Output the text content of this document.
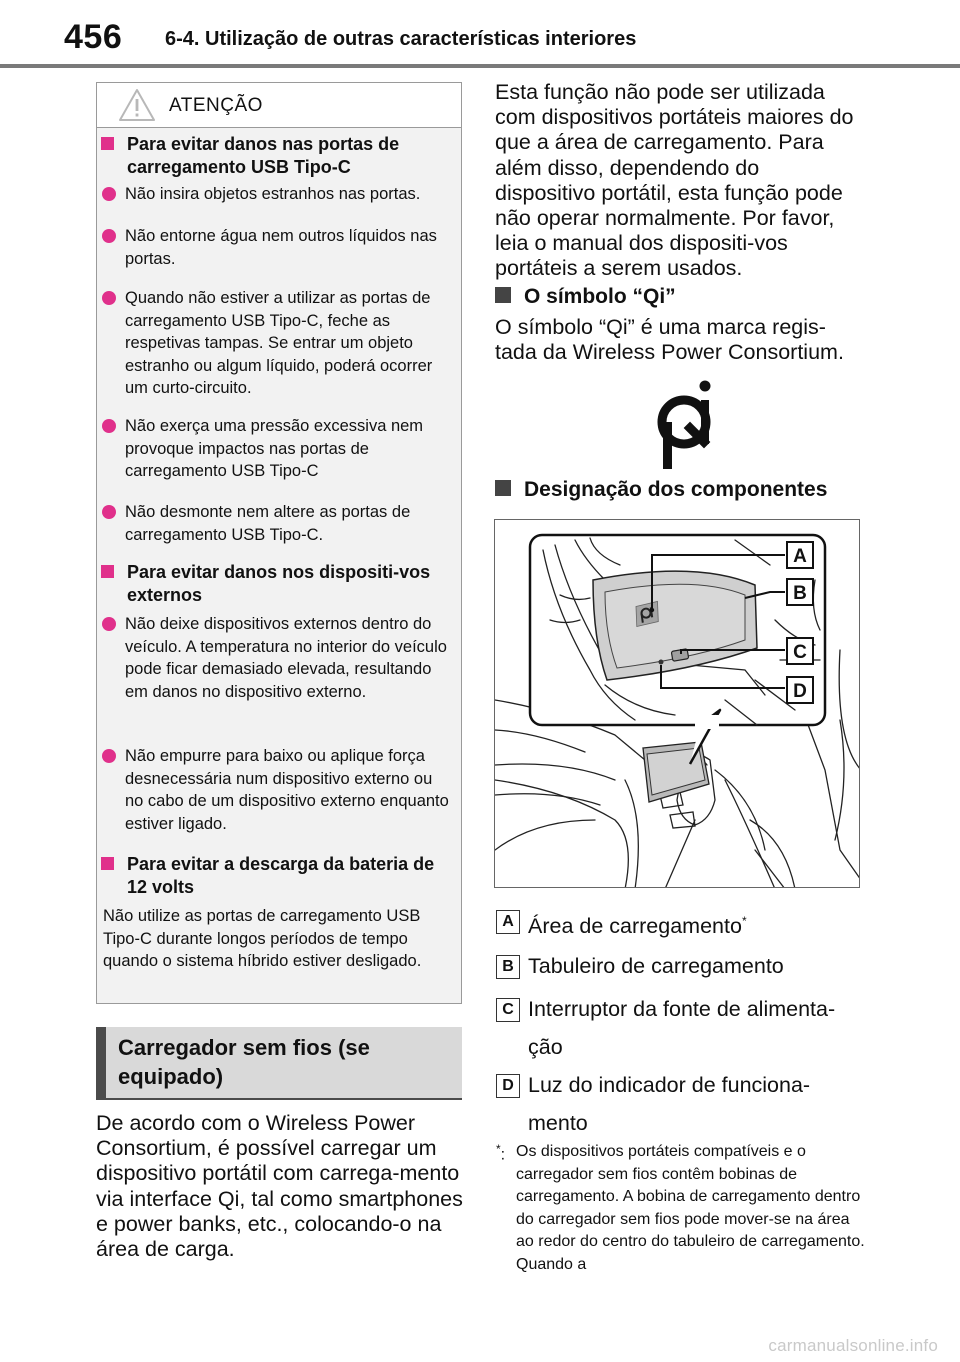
456 6-4. Utilização de outras características interiores
ATENÇÃO
Para evitar danos nas portas de carregamento USB Tipo-C
Não insira objetos estranhos nas portas.
Não entorne água nem outros líquidos nas portas.
Quando não estiver a utilizar as portas de carregamento USB Tipo-C, feche as respetivas tampas. Se entrar um objeto estranho ou algum líquido, poderá ocorrer um curto-circuito.
Não exerça uma pressão excessiva nem provoque impactos nas portas de carregamento USB Tipo-C
Não desmonte nem altere as portas de carregamento USB Tipo-C.
Para evitar danos nos dispositi-vos externos
Não deixe dispositivos externos dentro do veículo. A temperatura no interior do veículo pode ficar demasiado elevada, resultando em danos no dispositivo externo.
Não empurre para baixo ou aplique força desnecessária num dispositivo externo ou no cabo de um dispositivo externo enquanto estiver ligado.
Para evitar a descarga da bateria de 12 volts
Não utilize as portas de carregamento USB Tipo-C durante longos períodos de tempo quando o sistema híbrido estiver desligado.
Carregador sem fios (se equipado)
De acordo com o Wireless Power Consortium, é possível carregar um dispositivo portátil com carrega-mento via interface Qi, tal como smartphones e power banks, etc., colocando-o na área de carga.
Esta função não pode ser utilizada com dispositivos portáteis maiores do que a área de carregamento. Para além disso, dependendo do dispositivo portátil, esta função pode não operar normalmente. Por favor, leia o manual dos dispositi-vos portáteis a serem usados.
O símbolo “Qi”
O símbolo “Qi” é uma marca regis-tada da Wireless Power Consortium.
Designação dos componentes
A
B
C
D
A Área de carregamento*
B Tabuleiro de carregamento
C Interruptor da fonte de alimenta-ção
D Luz do indicador de funciona-mento
*: Os dispositivos portáteis compatíveis e o carregador sem fios contêm bobinas de carregamento. A bobina de carregamento dentro do carregador sem fios pode mover-se na área ao redor do centro do tabuleiro de carregamento. Quando a
carmanualsonline.info
